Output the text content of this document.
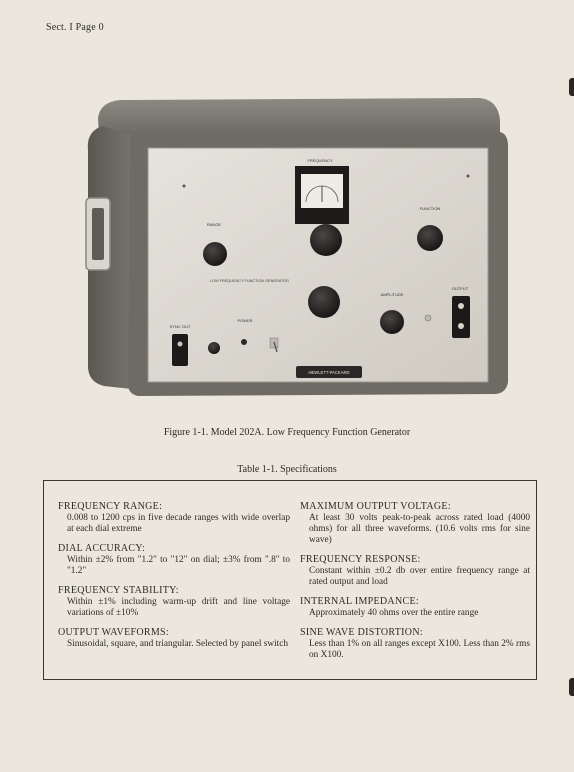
Sect. I Page 0
FREQUENCY
RANGE
FUNCTION
LOW FREQUENCY FUNCTION GENERATOR
AMPLITUDE
OUTPUT
SYNC OUT
POWER
HEWLETT-PACKARD
Figure 1-1. Model 202A. Low Frequency Function Generator
Table 1-1. Specifications
FREQUENCY RANGE:
0.008 to 1200 cps in five decade ranges with wide overlap at each dial extreme
DIAL ACCURACY:
Within ±2% from "1.2" to "12" on dial; ±3% from ".8" to "1.2"
FREQUENCY STABILITY:
Within ±1% including warm-up drift and line voltage variations of ±10%
OUTPUT WAVEFORMS:
Sinusoidal, square, and triangular. Selected by panel switch
MAXIMUM OUTPUT VOLTAGE:
At least 30 volts peak-to-peak across rated load (4000 ohms) for all three waveforms. (10.6 volts rms for sine wave)
FREQUENCY RESPONSE:
Constant within ±0.2 db over entire frequency range at rated output and load
INTERNAL IMPEDANCE:
Approximately 40 ohms over the entire range
SINE WAVE DISTORTION:
Less than 1% on all ranges except X100. Less than 2% rms on X100.
